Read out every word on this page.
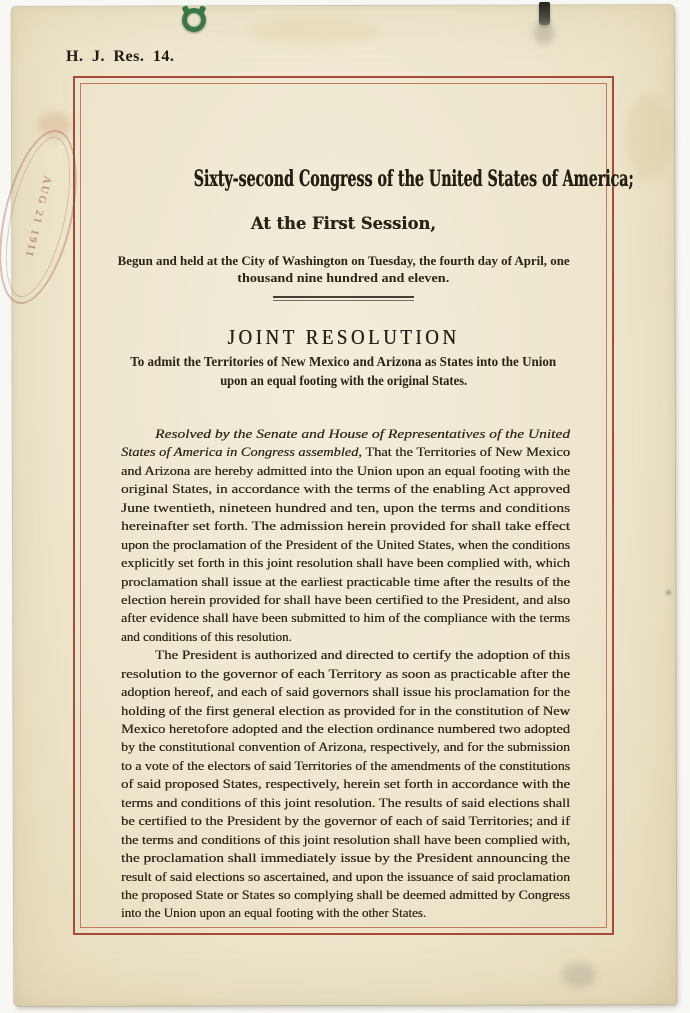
H. J. Res. 14.
AUG 21 1911	Sixty-second Congress of the United States of America;
At the First Session,
Begun and held at the City of Washington on Tuesday, the fourth day of April, one
thousand nine hundred and eleven.
JOINT RESOLUTION
To admit the Territories of New Mexico and Arizona as States into the Union
upon an equal footing with the original States.
Resolved by the Senate and House of Representatives of the United
States of America in Congress assembled, That the Territories of New Mexico
and Arizona are hereby admitted into the Union upon an equal footing with the
original States, in accordance with the terms of the enabling Act approved
June twentieth, nineteen hundred and ten, upon the terms and conditions
hereinafter set forth. The admission herein provided for shall take effect
upon the proclamation of the President of the United States, when the conditions
explicitly set forth in this joint resolution shall have been complied with, which
proclamation shall issue at the earliest practicable time after the results of the
election herein provided for shall have been certified to the President, and also
after evidence shall have been submitted to him of the compliance with the terms
and conditions of this resolution.
The President is authorized and directed to certify the adoption of this
resolution to the governor of each Territory as soon as practicable after the
adoption hereof, and each of said governors shall issue his proclamation for the
holding of the first general election as provided for in the constitution of New
Mexico heretofore adopted and the election ordinance numbered two adopted
by the constitutional convention of Arizona, respectively, and for the submission
to a vote of the electors of said Territories of the amendments of the constitutions
of said proposed States, respectively, herein set forth in accordance with the
terms and conditions of this joint resolution. The results of said elections shall
be certified to the President by the governor of each of said Territories; and if
the terms and conditions of this joint resolution shall have been complied with,
the proclamation shall immediately issue by the President announcing the
result of said elections so ascertained, and upon the issuance of said proclamation
the proposed State or States so complying shall be deemed admitted by Congress
into the Union upon an equal footing with the other States.
